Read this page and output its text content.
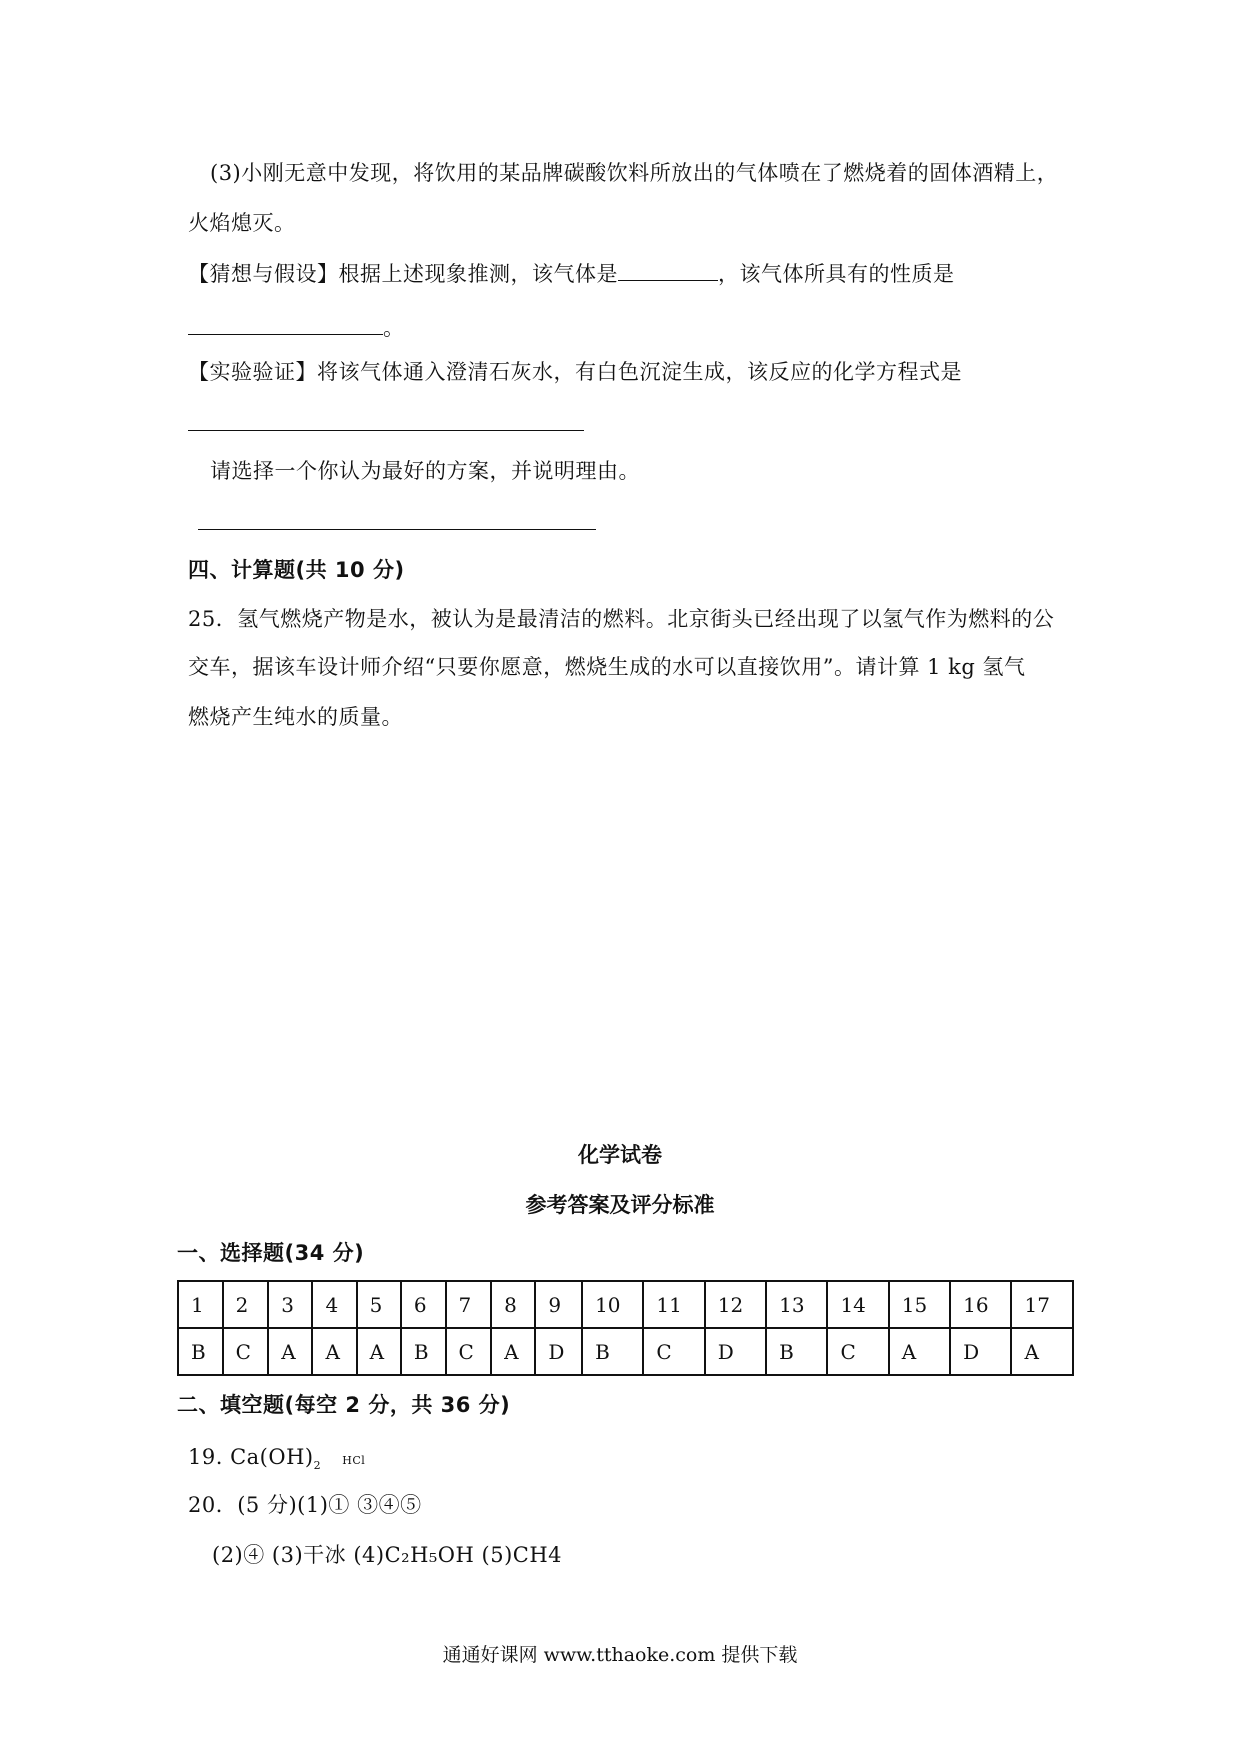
(3)小刚无意中发现，将饮用的某品牌碳酸饮料所放出的气体喷在了燃烧着的固体酒精上，
火焰熄灭。
【猜想与假设】根据上述现象推测，该气体是	，该气体所具有的性质是
。
【实验验证】将该气体通入澄清石灰水，有白色沉淀生成，该反应的化学方程式是
请选择一个你认为最好的方案，并说明理由。
四、计算题(共 10 分)
25．氢气燃烧产物是水，被认为是最清洁的燃料。北京街头已经出现了以氢气作为燃料的公
交车，据该车设计师介绍“只要你愿意，燃烧生成的水可以直接饮用”。请计算 1 kg 氢气
燃烧产生纯水的质量。
化学试卷
参考答案及评分标准
一、选择题(34 分)
1	2	3	4	5	6	7	8	9	10	11	12	13	14	15	16	17
B	C	A	A	A	B	C	A	D	B	C	D	B	C	A	D	A
二、填空题(每空 2 分，共 36 分)
19. $Ca(OH)_2$ HCl
20．(5 分)(1)① ③④⑤
(2)④ (3)干冰 (4)C₂H₅OH (5)CH4
通通好课网 www.tthaoke.com 提供下载
